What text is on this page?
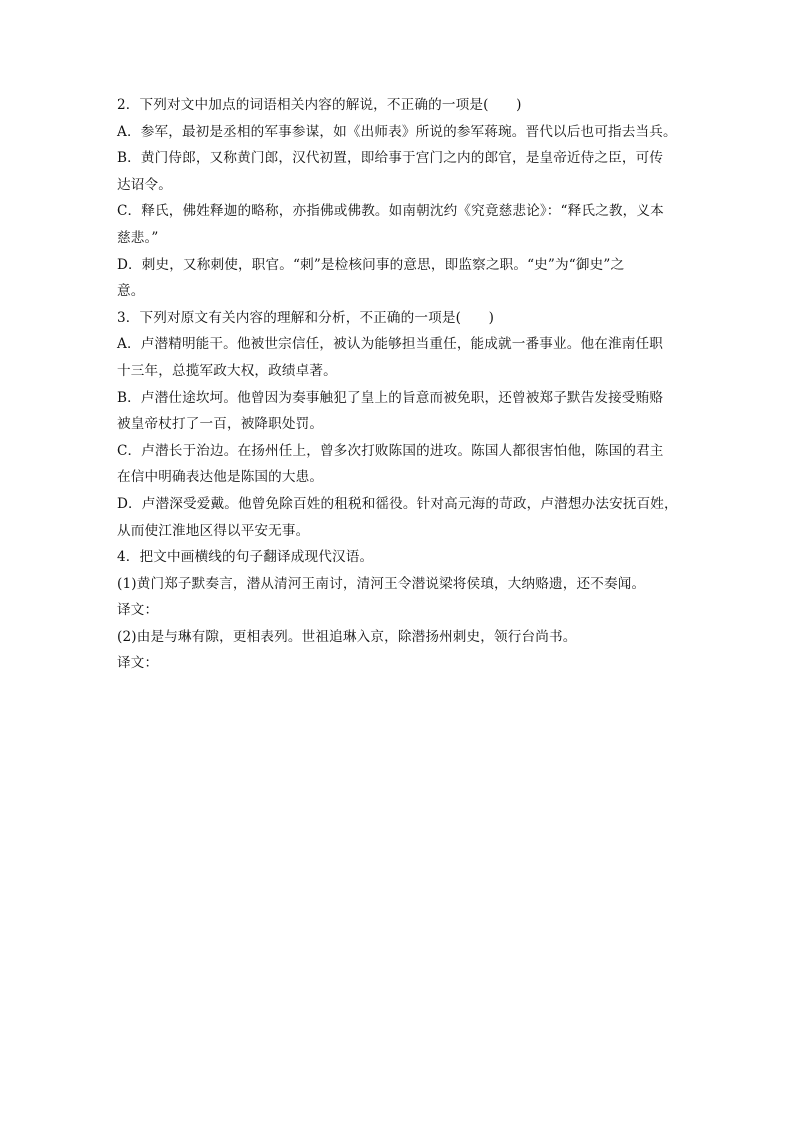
2．下列对文中加点的词语相关内容的解说，不正确的一项是(　　)
A．参军，最初是丞相的军事参谋，如《出师表》所说的参军蒋琬。晋代以后也可指去当兵。
B．黄门侍郎，又称黄门郎，汉代初置，即给事于宫门之内的郎官，是皇帝近侍之臣，可传
达诏令。
C．释氏，佛姓释迦的略称，亦指佛或佛教。如南朝沈约《究竟慈悲论》：“释氏之教，义本
慈悲。”
D．刺史，又称刺使，职官。“刺”是检核问事的意思，即监察之职。“史”为“御史”之
意。
3．下列对原文有关内容的理解和分析，不正确的一项是(　　)
A．卢潜精明能干。他被世宗信任，被认为能够担当重任，能成就一番事业。他在淮南任职
十三年，总揽军政大权，政绩卓著。
B．卢潜仕途坎坷。他曾因为奏事触犯了皇上的旨意而被免职，还曾被郑子默告发接受贿赂
被皇帝杖打了一百，被降职处罚。
C．卢潜长于治边。在扬州任上，曾多次打败陈国的进攻。陈国人都很害怕他，陈国的君主
在信中明确表达他是陈国的大患。
D．卢潜深受爱戴。他曾免除百姓的租税和徭役。针对高元海的苛政，卢潜想办法安抚百姓，
从而使江淮地区得以平安无事。
4．把文中画横线的句子翻译成现代汉语。
(1)黄门郑子默奏言，潜从清河王南讨，清河王令潜说梁将侯瑱，大纳赂遗，还不奏闻。
译文：
(2)由是与琳有隙，更相表列。世祖追琳入京，除潜扬州刺史，领行台尚书。
译文：
